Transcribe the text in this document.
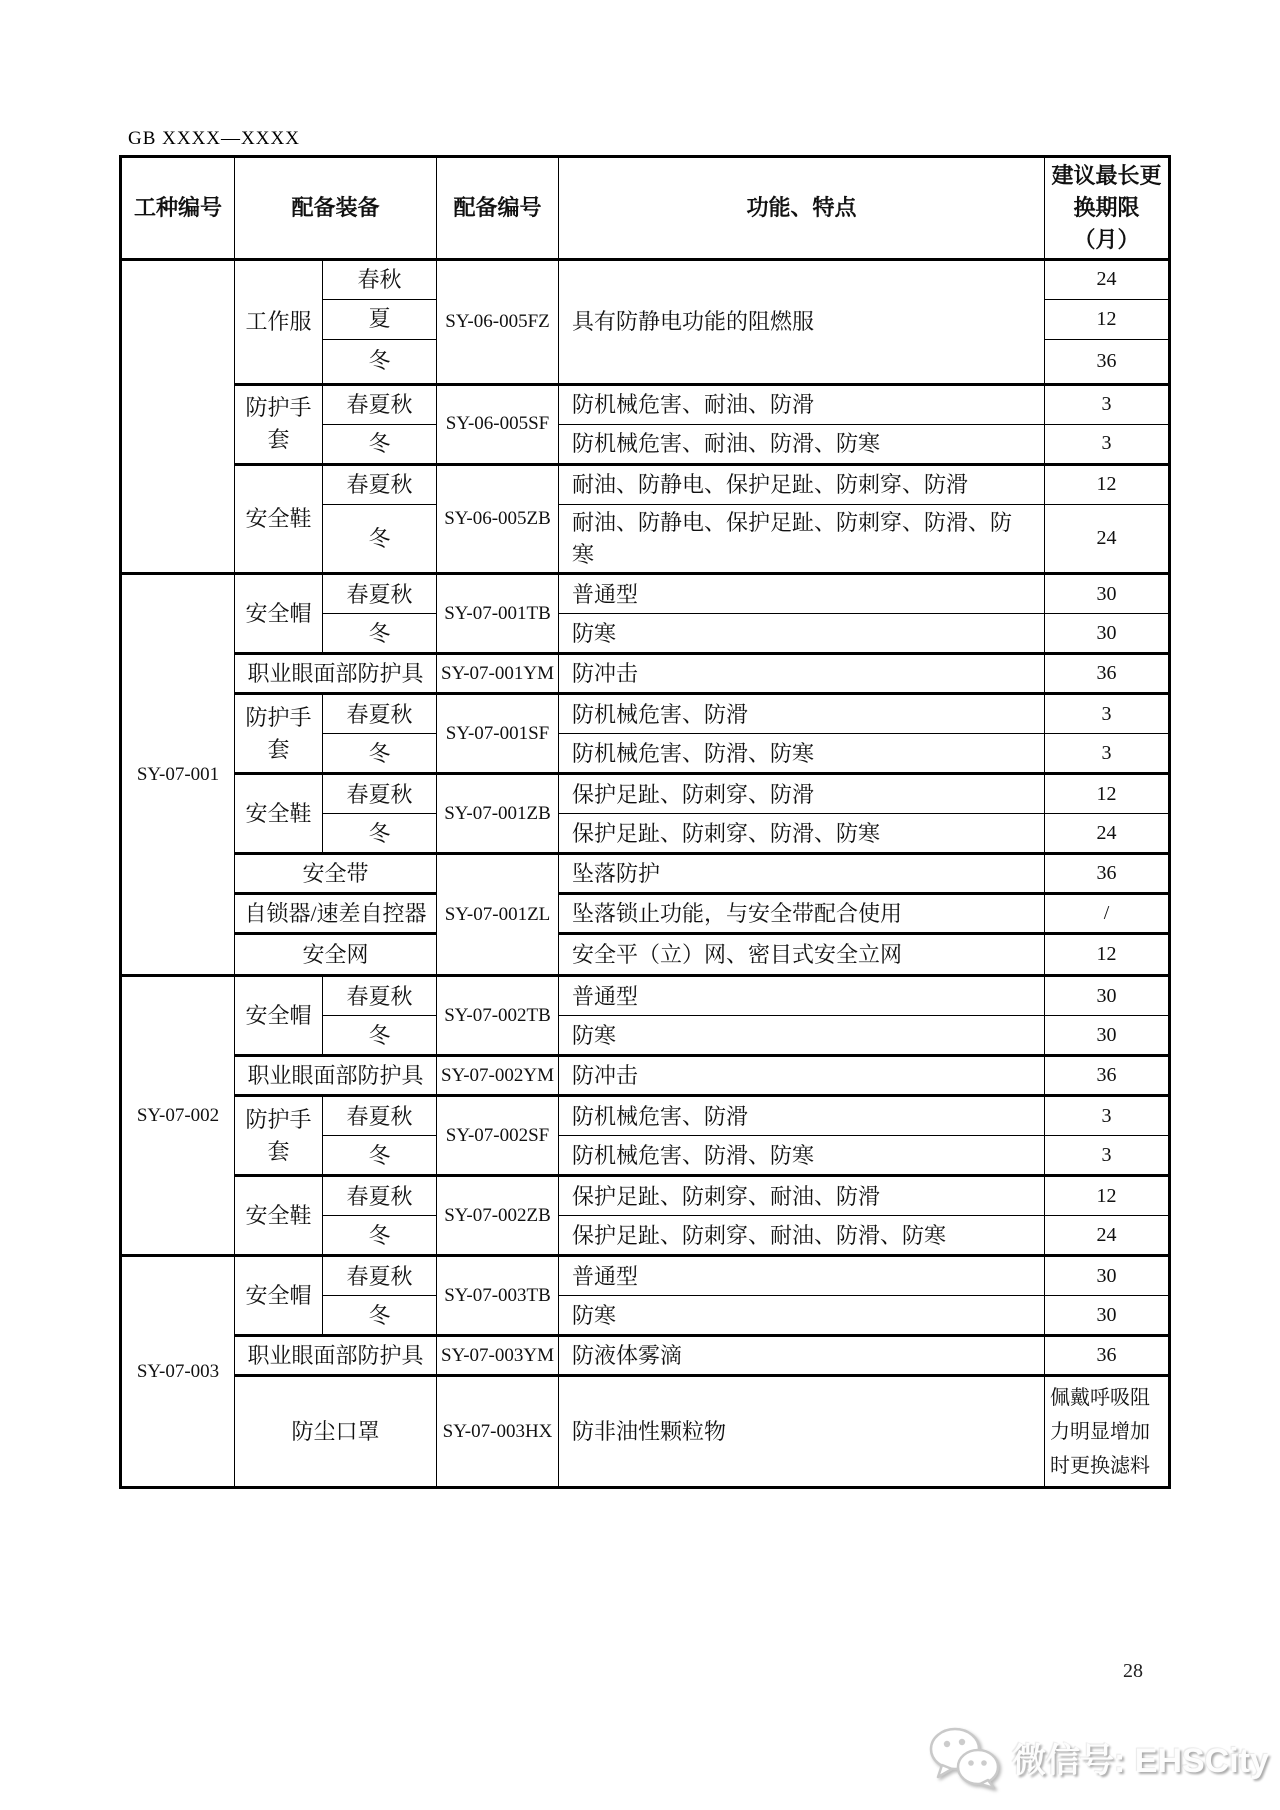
GB XXXX—XXXX
工种编号	配备装备		配备编号	功能、特点	建议最长更换期限（月）
	工作服	春秋	SY-06-005FZ	具有防静电功能的阻燃服	24
		夏			12
		冬			36
	防护手套	春夏秋	SY-06-005SF	防机械危害、耐油、防滑	3
		冬		防机械危害、耐油、防滑、防寒	3
	安全鞋	春夏秋	SY-06-005ZB	耐油、防静电、保护足趾、防刺穿、防滑	12
		冬		耐油、防静电、保护足趾、防刺穿、防滑、防寒	24
SY-07-001	安全帽	春夏秋	SY-07-001TB	普通型	30
		冬		防寒	30
	职业眼面部防护具		SY-07-001YM	防冲击	36
	防护手套	春夏秋	SY-07-001SF	防机械危害、防滑	3
		冬		防机械危害、防滑、防寒	3
	安全鞋	春夏秋	SY-07-001ZB	保护足趾、防刺穿、防滑	12
		冬		保护足趾、防刺穿、防滑、防寒	24
	安全带		SY-07-001ZL	坠落防护	36
	自锁器/速差自控器			坠落锁止功能，与安全带配合使用	/
	安全网			安全平（立）网、密目式安全立网	12
SY-07-002	安全帽	春夏秋	SY-07-002TB	普通型	30
		冬		防寒	30
	职业眼面部防护具		SY-07-002YM	防冲击	36
	防护手套	春夏秋	SY-07-002SF	防机械危害、防滑	3
		冬		防机械危害、防滑、防寒	3
	安全鞋	春夏秋	SY-07-002ZB	保护足趾、防刺穿、耐油、防滑	12
		冬		保护足趾、防刺穿、耐油、防滑、防寒	24
SY-07-003	安全帽	春夏秋	SY-07-003TB	普通型	30
		冬		防寒	30
	职业眼面部防护具		SY-07-003YM	防液体雾滴	36
	防尘口罩		SY-07-003HX	防非油性颗粒物	佩戴呼吸阻力明显增加时更换滤料
28
微信号: EHSCity
